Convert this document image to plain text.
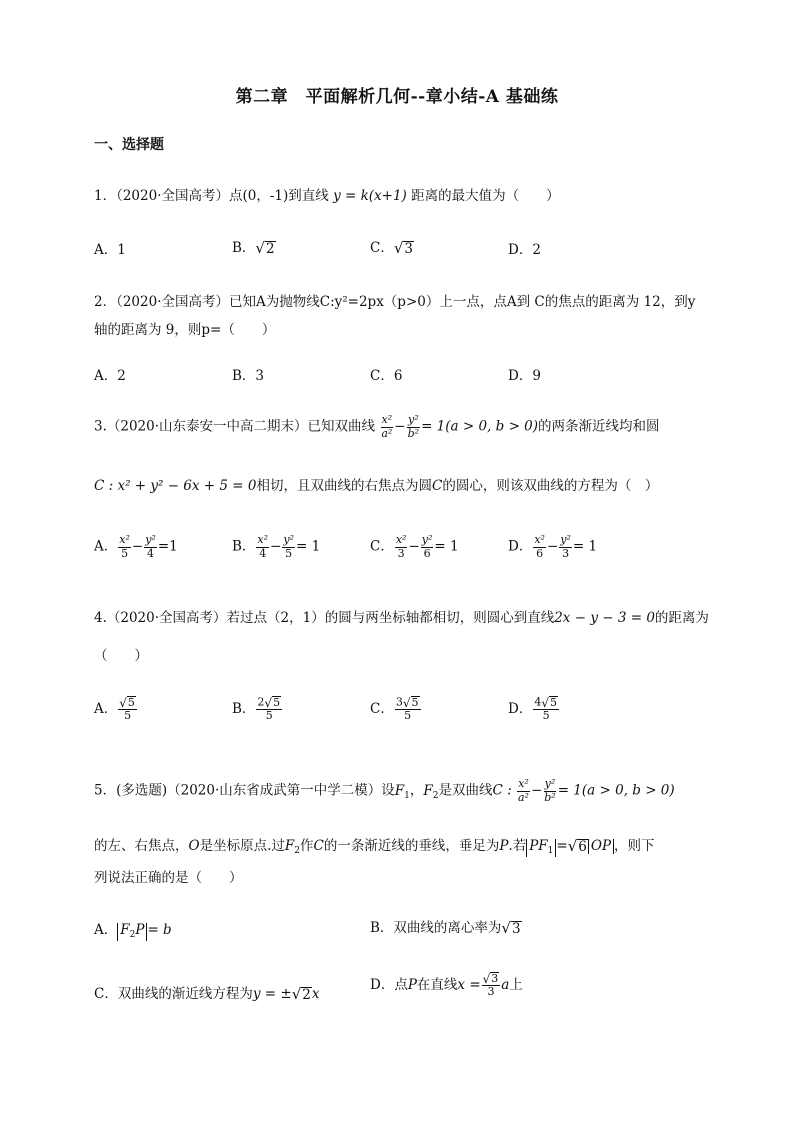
第二章　平面解析几何--章小结-A 基础练
一、选择题
1．（2020·全国高考）点(0，-1)到直线 y = k(x+1) 距离的最大值为（　　）
A．1	B． √ 2	C． √ 3	D．2
2．（2020·全国高考）已知A为抛物线C:y²=2px（p>0）上一点，点A到 C的焦点的距离为 12，到y
轴的距离为 9，则p=（　　）
A．2	B．3	C．6	D．9
3.（2020·山东泰安一中高二期末）已知双曲线 $\frac{\text{x²}}{\text{a²}} - \frac{\text{y²}}{\text{b²}} = 1(a > 0$, b > 0)的两条渐近线均和圆
C : x² + y² − 6x + 5 = 0相切，且双曲线的右焦点为圆C的圆心，则该双曲线的方程为（　）
A． $\frac{\text{x²}}{5} - \frac{\text{y²}}{4} =1$	B． $\frac{\text{x²}}{4} - \frac{\text{y²}}{5} = 1$	C． $\frac{\text{x²}}{3} - \frac{\text{y²}}{6} = 1$	D． $\frac{\text{x²}}{6} - \frac{\text{y²}}{3} = 1$
4.（2020·全国高考）若过点（2，1）的圆与两坐标轴都相切，则圆心到直线2x − y − 3 = 0的距离为
（　　）
A． $\frac{√ 5}{5}$	B． $\frac{2 √ 5}{5}$	C． $\frac{3 √ 5}{5}$	D． $\frac{4 √ 5}{5}$
5．(多选题)（2020·山东省成武第一中学二模）设$F_1$，$F_2$是双曲线C : $\frac{\text{x²}}{\text{a²}} - \frac{\text{y²}}{\text{b²}} = 1(a > 0$, b > 0)
的左、右焦点，O是坐标原点.过$F_2$作C的一条渐近线的垂线，垂足为P.若 $PF_1$ = √ 6 OP ，则下
列说法正确的是（　　）
A． $F_2P = b$	B．双曲线的离心率为 √ 3
C．双曲线的渐近线方程为y = ± √ 2 x
D．点P在直线$x = \frac{√ 3}{3}$ a上
